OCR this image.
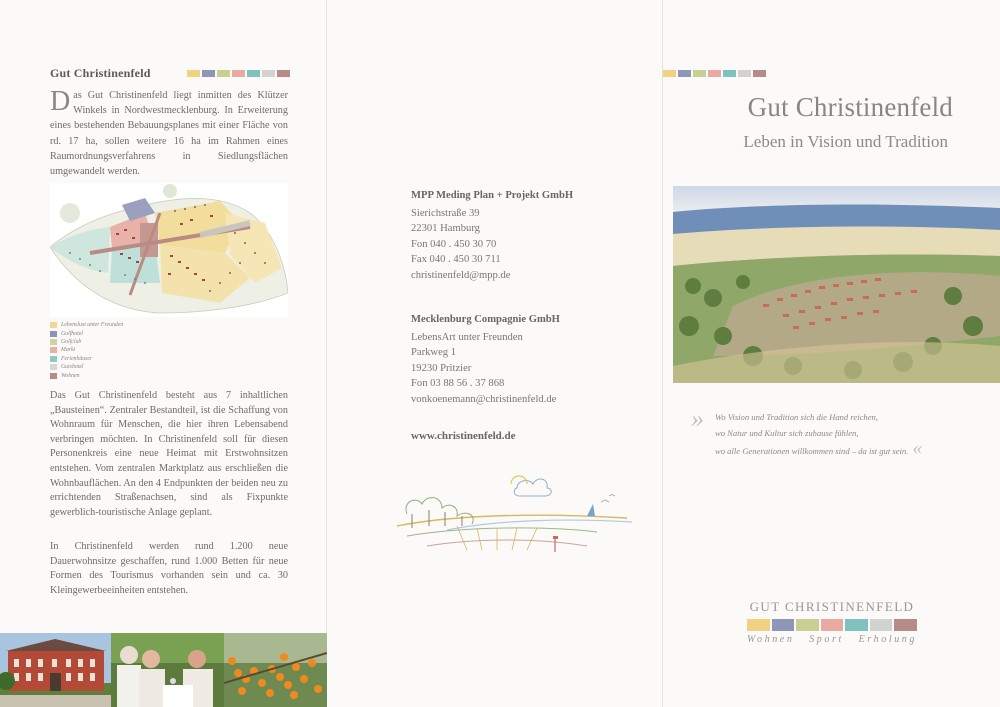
Gut Christinenfeld
Das Gut Christinenfeld liegt inmitten des Klützer Winkels in Nordwestmecklenburg. In Erweiterung eines bestehenden Bebauungsplanes mit einer Fläche von rd. 17 ha, sollen weitere 16 ha im Rahmen eines Raumordnungsverfahrens in Siedlungsflächen umgewandelt werden.
Lebenslust unter Freunden
Golfhotel
Golfclub
Markt
Ferienhäuser
Gutshotel
Wohnen
Das Gut Christinenfeld besteht aus 7 inhaltlichen „Bausteinen“. Zentraler Bestandteil, ist die Schaffung von Wohnraum für Menschen, die hier ihren Lebensabend verbringen möchten. In Christinenfeld soll für diesen Personenkreis eine neue Heimat mit Erstwohnsitzen entstehen. Vom zentralen Marktplatz aus erschließen die Wohnbauflächen. An den 4 Endpunkten der beiden neu zu errichtenden Straßenachsen, sind als Fixpunkte gewerblich-touristische Anlage geplant.
In Christinenfeld werden rund 1.200 neue Dauerwohnsitze geschaffen, rund 1.000 Betten für neue Formen des Tourismus vorhanden sein und ca. 30 Kleingewerbeeinheiten entstehen.
MPP Meding Plan + Projekt GmbH
Sierichstraße 39
22301 Hamburg
Fon 040 . 450 30 70
Fax 040 . 450 30 711
christinenfeld@mpp.de
Mecklenburg Compagnie GmbH
LebensArt unter Freunden
Parkweg 1
19230 Pritzier
Fon 03 88 56 . 37 868
vonkoenemann@christinenfeld.de
www.christinenfeld.de
Gut Christinenfeld
Leben in Vision und Tradition
»	Wo Vision und Tradition sich die Hand reichen,
wo Natur und Kultur sich zuhause fühlen,
wo alle Generationen willkommen sind – da ist gut sein. «
GUT CHRISTINENFELD
Wohnen Sport Erholung
